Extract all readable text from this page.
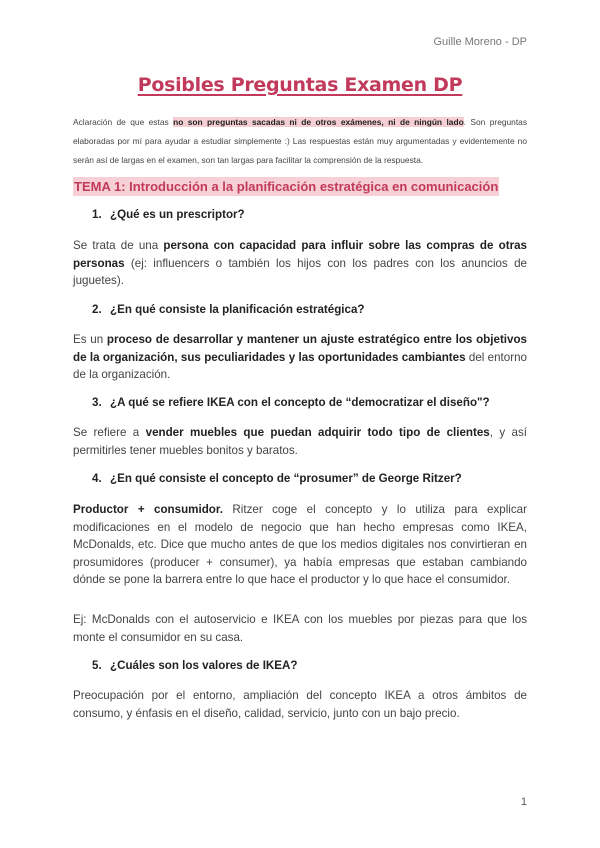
Guille Moreno - DP
Posibles Preguntas Examen DP
Aclaración de que estas no son preguntas sacadas ni de otros exámenes, ni de ningún lado. Son preguntas elaboradas por mí para ayudar a estudiar simplemente :) Las respuestas están muy argumentadas y evidentemente no serán así de largas en el examen, son tan largas para facilitar la comprensión de la respuesta.
TEMA 1: Introducción a la planificación estratégica en comunicación
1. ¿Qué es un prescriptor?
Se trata de una persona con capacidad para influir sobre las compras de otras personas (ej: influencers o también los hijos con los padres con los anuncios de juguetes).
2. ¿En qué consiste la planificación estratégica?
Es un proceso de desarrollar y mantener un ajuste estratégico entre los objetivos de la organización, sus peculiaridades y las oportunidades cambiantes del entorno de la organización.
3. ¿A qué se refiere IKEA con el concepto de “democratizar el diseño"?
Se refiere a vender muebles que puedan adquirir todo tipo de clientes, y así permitirles tener muebles bonitos y baratos.
4. ¿En qué consiste el concepto de “prosumer” de George Ritzer?
Productor + consumidor. Ritzer coge el concepto y lo utiliza para explicar modificaciones en el modelo de negocio que han hecho empresas como IKEA, McDonalds, etc. Dice que mucho antes de que los medios digitales nos convirtieran en prosumidores (producer + consumer), ya había empresas que estaban cambiando dónde se pone la barrera entre lo que hace el productor y lo que hace el consumidor.
Ej: McDonalds con el autoservicio e IKEA con los muebles por piezas para que los monte el consumidor en su casa.
5. ¿Cuáles son los valores de IKEA?
Preocupación por el entorno, ampliación del concepto IKEA a otros ámbitos de consumo, y énfasis en el diseño, calidad, servicio, junto con un bajo precio.
1
